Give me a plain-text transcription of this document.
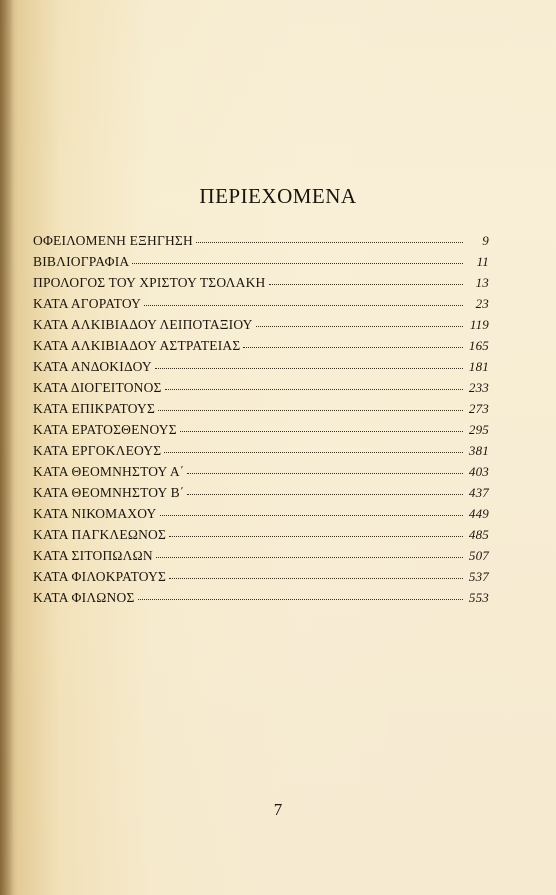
ΠΕΡΙΕΧΟΜΕΝΑ
ΟΦΕΙΛΟΜΕΝΗ ΕΞΗΓΗΣΗ	9
ΒΙΒΛΙΟΓΡΑΦΙΑ	11
ΠΡΟΛΟΓΟΣ ΤΟΥ ΧΡΙΣΤΟΥ ΤΣΟΛΑΚΗ	13
ΚΑΤΑ ΑΓΟΡΑΤΟΥ	23
ΚΑΤΑ ΑΛΚΙΒΙΑΔΟΥ ΛΕΙΠΟΤΑΞΙΟΥ	119
ΚΑΤΑ ΑΛΚΙΒΙΑΔΟΥ ΑΣΤΡΑΤΕΙΑΣ	165
ΚΑΤΑ ΑΝΔΟΚΙΔΟΥ	181
ΚΑΤΑ ΔΙΟΓΕΙΤΟΝΟΣ	233
ΚΑΤΑ ΕΠΙΚΡΑΤΟΥΣ	273
ΚΑΤΑ ΕΡΑΤΟΣΘΕΝΟΥΣ	295
ΚΑΤΑ ΕΡΓΟΚΛΕΟΥΣ	381
ΚΑΤΑ ΘΕΟΜΝΗΣΤΟΥ Α΄	403
ΚΑΤΑ ΘΕΟΜΝΗΣΤΟΥ Β΄	437
ΚΑΤΑ ΝΙΚΟΜΑΧΟΥ	449
ΚΑΤΑ ΠΑΓΚΛΕΩΝΟΣ	485
ΚΑΤΑ ΣΙΤΟΠΩΛΩΝ	507
ΚΑΤΑ ΦΙΛΟΚΡΑΤΟΥΣ	537
ΚΑΤΑ ΦΙΛΩΝΟΣ	553
7
